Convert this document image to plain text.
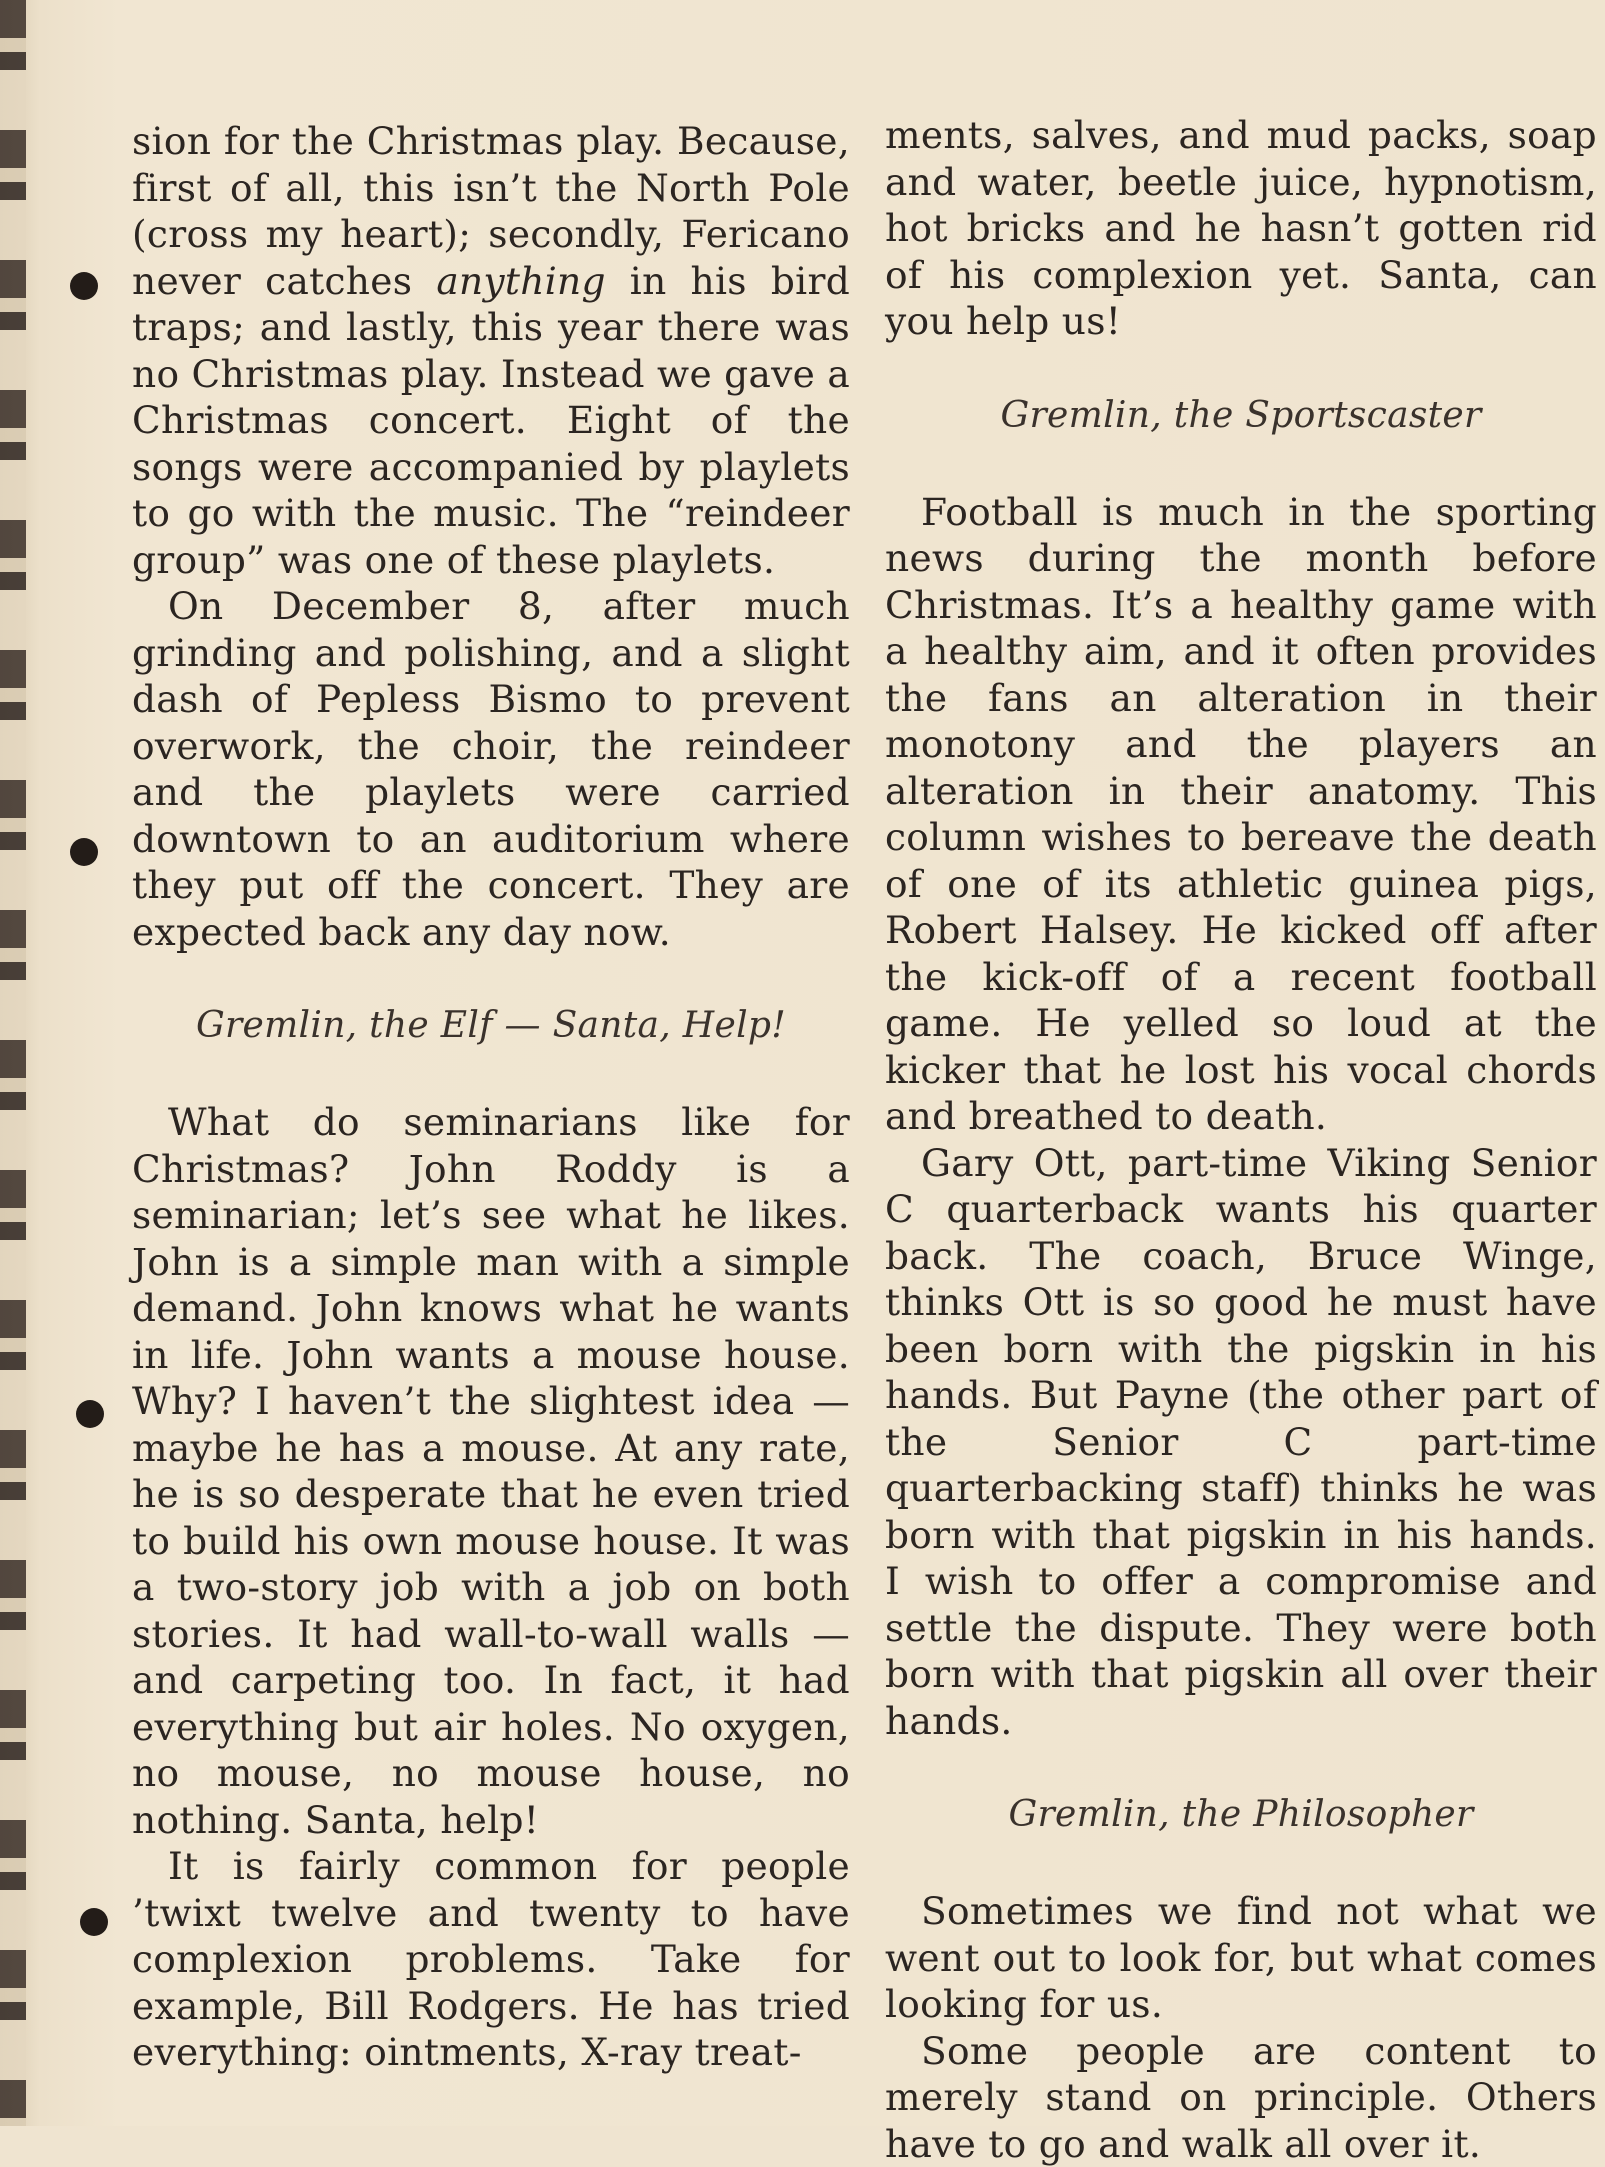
sion for the Christmas play. Because, first of all, this isn’t the North Pole (cross my heart); secondly, Fericano never catches anything in his bird traps; and lastly, this year there was no Christmas play. Instead we gave a Christmas concert. Eight of the songs were accompanied by playlets to go with the music. The “reindeer group” was one of these playlets.

On December 8, after much grinding and polishing, and a slight dash of Pepless Bismo to prevent overwork, the choir, the reindeer and the playlets were carried downtown to an auditorium where they put off the concert. They are expected back any day now.

Gremlin, the Elf — Santa, Help!

What do seminarians like for Christmas? John Roddy is a seminarian; let’s see what he likes. John is a simple man with a simple demand. John knows what he wants in life. John wants a mouse house. Why? I haven’t the slightest idea — maybe he has a mouse. At any rate, he is so desperate that he even tried to build his own mouse house. It was a two-story job with a job on both stories. It had wall-to-wall walls — and carpeting too. In fact, it had everything but air holes. No oxygen, no mouse, no mouse house, no nothing. Santa, help!

It is fairly common for people ’twixt twelve and twenty to have complexion problems. Take for example, Bill Rodgers. He has tried everything: ointments, X-ray treat-

ments, salves, and mud packs, soap and water, beetle juice, hypnotism, hot bricks and he hasn’t gotten rid of his complexion yet. Santa, can you help us!

Gremlin, the Sportscaster

Football is much in the sporting news during the month before Christmas. It’s a healthy game with a healthy aim, and it often provides the fans an alteration in their monotony and the players an alteration in their anatomy. This column wishes to bereave the death of one of its athletic guinea pigs, Robert Halsey. He kicked off after the kick-off of a recent football game. He yelled so loud at the kicker that he lost his vocal chords and breathed to death.

Gary Ott, part-time Viking Senior C quarterback wants his quarter back. The coach, Bruce Winge, thinks Ott is so good he must have been born with the pigskin in his hands. But Payne (the other part of the Senior C part-time quarterbacking staff) thinks he was born with that pigskin in his hands. I wish to offer a compromise and settle the dispute. They were both born with that pigskin all over their hands.

Gremlin, the Philosopher

Sometimes we find not what we went out to look for, but what comes looking for us.

Some people are content to merely stand on principle. Others have to go and walk all over it.
